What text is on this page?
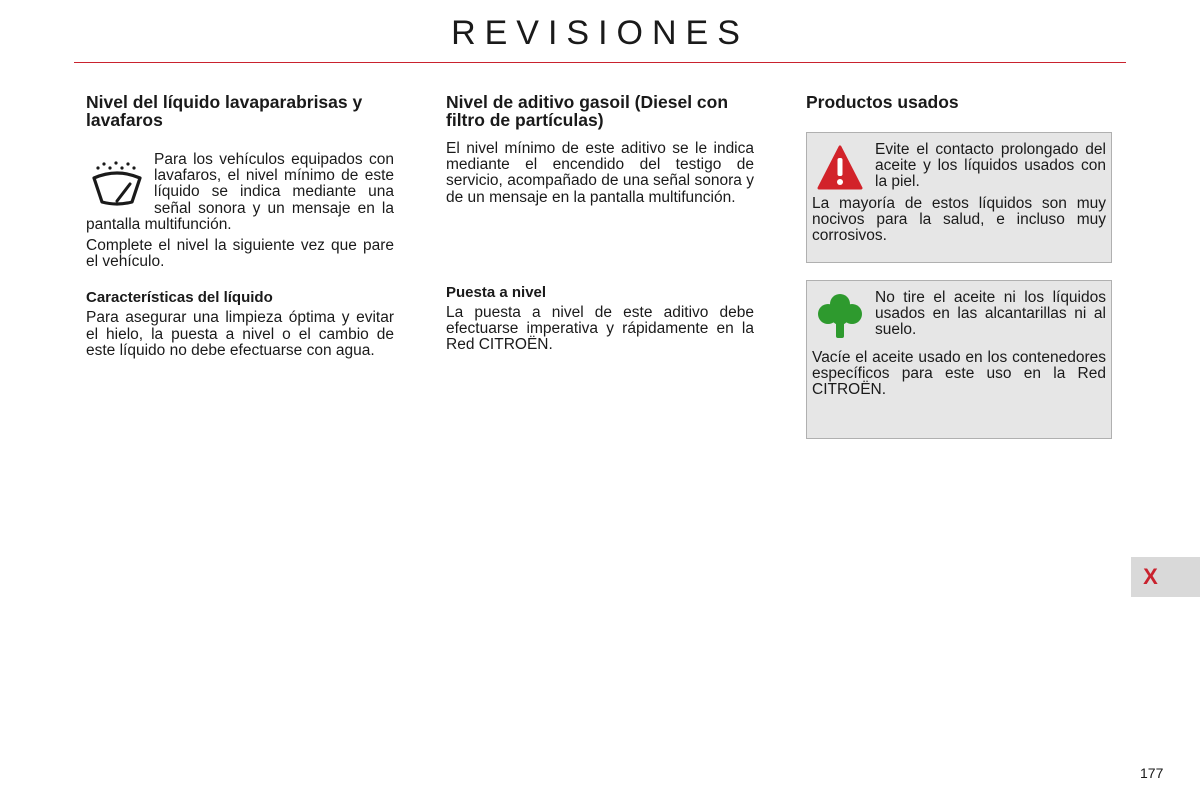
REVISIONES
Nivel del líquido lavaparabrisas y lavafaros

Para los vehículos equipados con lavafaros, el nivel mínimo de este líquido se indica mediante una señal sonora y un mensaje en la pantalla multifunción.

Complete el nivel la siguiente vez que pare el vehículo.

Características del líquido

Para asegurar una limpieza óptima y evitar el hielo, la puesta a nivel o el cambio de este líquido no debe efectuarse con agua.

Nivel de aditivo gasoil (Diesel con filtro de partículas)

El nivel mínimo de este aditivo se le indica mediante el encendido del testigo de servicio, acompañado de una señal sonora y de un mensaje en la pantalla multifunción.

Puesta a nivel

La puesta a nivel de este aditivo debe efectuarse imperativa y rápidamente en la Red CITROËN.

Productos usados

Evite el contacto prolongado del aceite y los líquidos usados con la piel.

La mayoría de estos líquidos son muy nocivos para la salud, e incluso muy corrosivos.

No tire el aceite ni los líquidos usados en las alcantarillas ni al suelo.

Vacíe el aceite usado en los contenedores específicos para este uso en la Red CITROËN.

X
177
